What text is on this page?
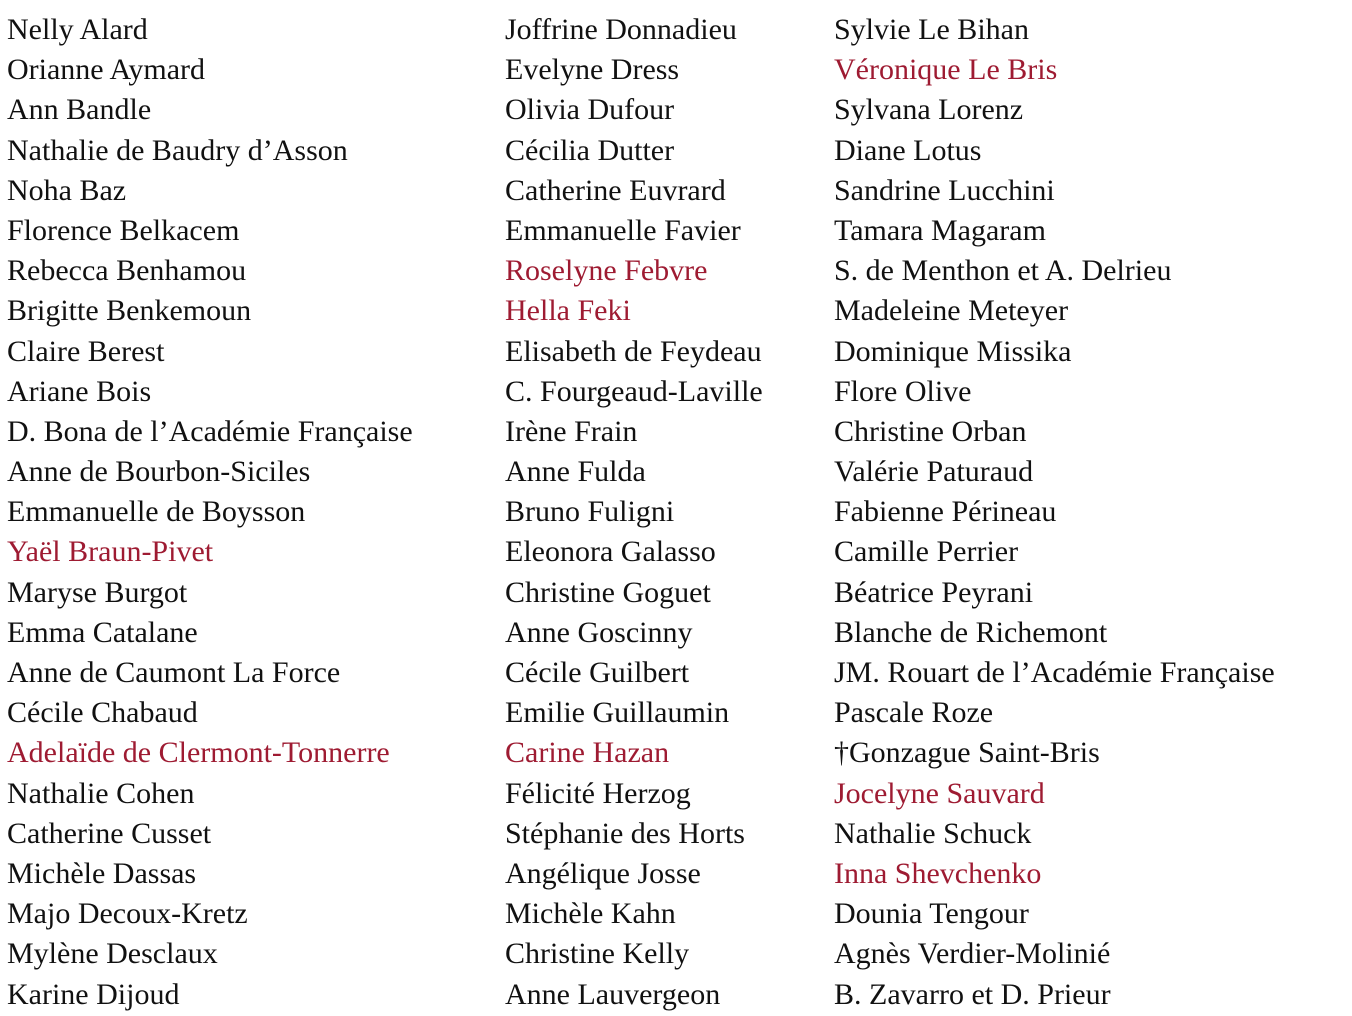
Nelly Alard
Orianne Aymard
Ann Bandle
Nathalie de Baudry d’Asson
Noha Baz
Florence Belkacem
Rebecca Benhamou
Brigitte Benkemoun
Claire Berest
Ariane Bois
D. Bona de l’Académie Française
Anne de Bourbon-Siciles
Emmanuelle de Boysson
Yaël Braun-Pivet
Maryse Burgot
Emma Catalane
Anne de Caumont La Force
Cécile Chabaud
Adelaïde de Clermont-Tonnerre
Nathalie Cohen
Catherine Cusset
Michèle Dassas
Majo Decoux-Kretz
Mylène Desclaux
Karine Dijoud
Joffrine Donnadieu
Evelyne Dress
Olivia Dufour
Cécilia Dutter
Catherine Euvrard
Emmanuelle Favier
Roselyne Febvre
Hella Feki
Elisabeth de Feydeau
C. Fourgeaud-Laville
Irène Frain
Anne Fulda
Bruno Fuligni
Eleonora Galasso
Christine Goguet
Anne Goscinny
Cécile Guilbert
Emilie Guillaumin
Carine Hazan
Félicité Herzog
Stéphanie des Horts
Angélique Josse
Michèle Kahn
Christine Kelly
Anne Lauvergeon
Sylvie Le Bihan
Véronique Le Bris
Sylvana Lorenz
Diane Lotus
Sandrine Lucchini
Tamara Magaram
S. de Menthon et A. Delrieu
Madeleine Meteyer
Dominique Missika
Flore Olive
Christine Orban
Valérie Paturaud
Fabienne Périneau
Camille Perrier
Béatrice Peyrani
Blanche de Richemont
JM. Rouart de l’Académie Française
Pascale Roze
†Gonzague Saint-Bris
Jocelyne Sauvard
Nathalie Schuck
Inna Shevchenko
Dounia Tengour
Agnès Verdier-Molinié
B. Zavarro et D. Prieur
